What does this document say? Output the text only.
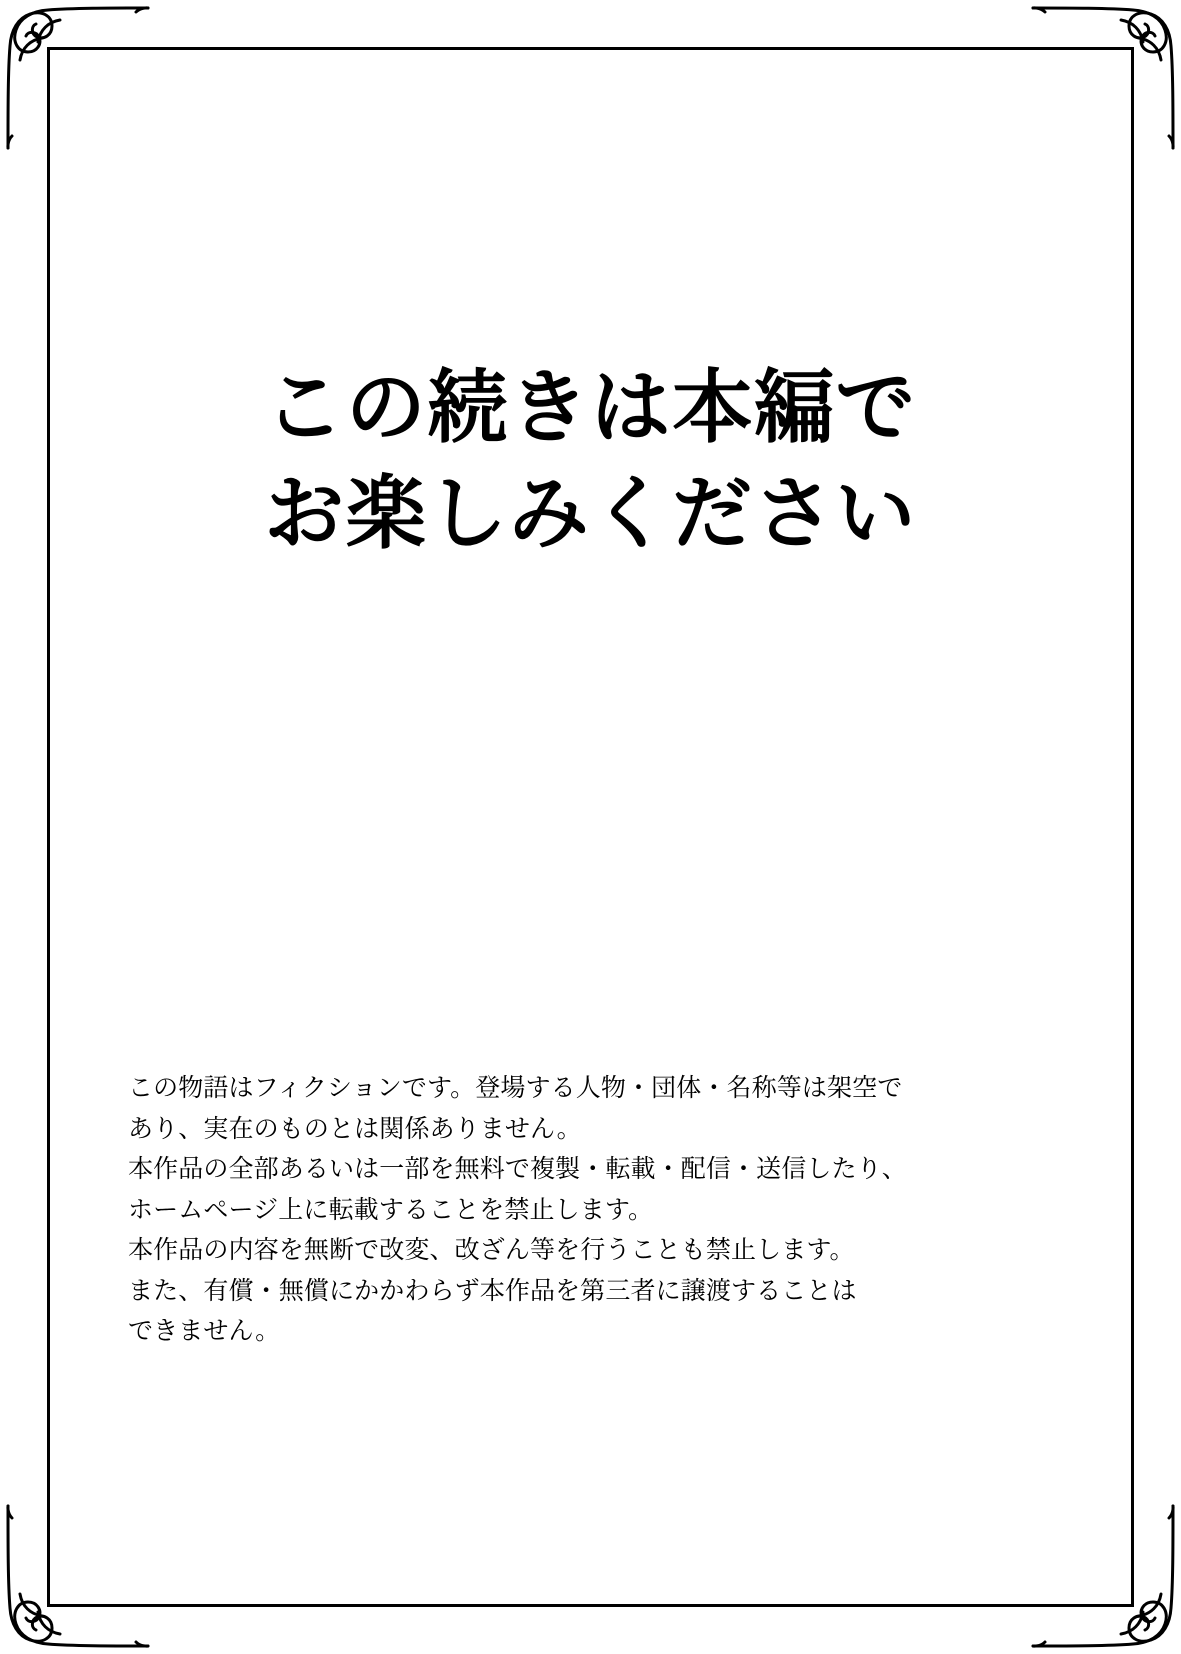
この続きは本編で
お楽しみください

この物語はフィクションです。登場する人物・団体・名称等は架空で

あり、実在のものとは関係ありません。

本作品の全部あるいは一部を無料で複製・転載・配信・送信したり、

ホームページ上に転載することを禁止します。

本作品の内容を無断で改変、改ざん等を行うことも禁止します。

また、有償・無償にかかわらず本作品を第三者に譲渡することは

できません。
